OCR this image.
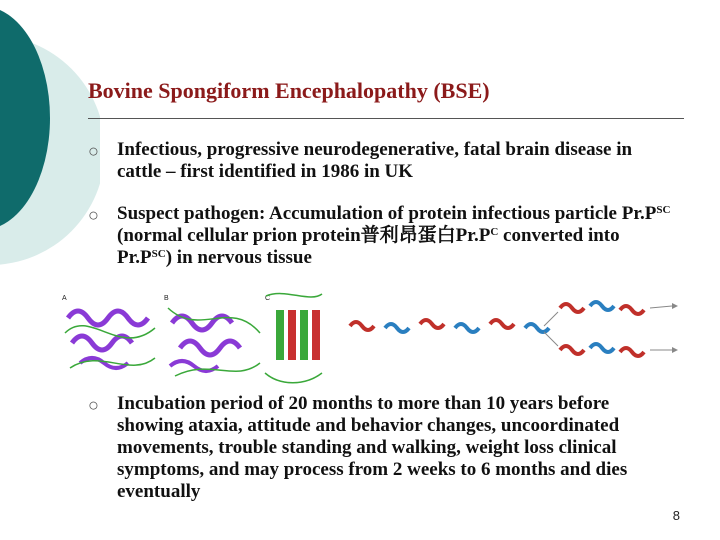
Bovine Spongiform Encephalopathy (BSE)
○ Infectious, progressive neurodegenerative, fatal brain disease in cattle – first identified in 1986 in UK
○ Suspect pathogen: Accumulation of protein infectious particle $Pr.P^{SC}$ (normal cellular prion protein普利昂蛋白$Pr.P^C$ converted into $Pr.P^{SC}$) in nervous tissue
A	B	C
○ Incubation period of 20 months to more than 10 years before showing ataxia, attitude and behavior changes, uncoordinated movements, trouble standing and walking, weight loss clinical symptoms, and may process from 2 weeks to 6 months and dies eventually
8
